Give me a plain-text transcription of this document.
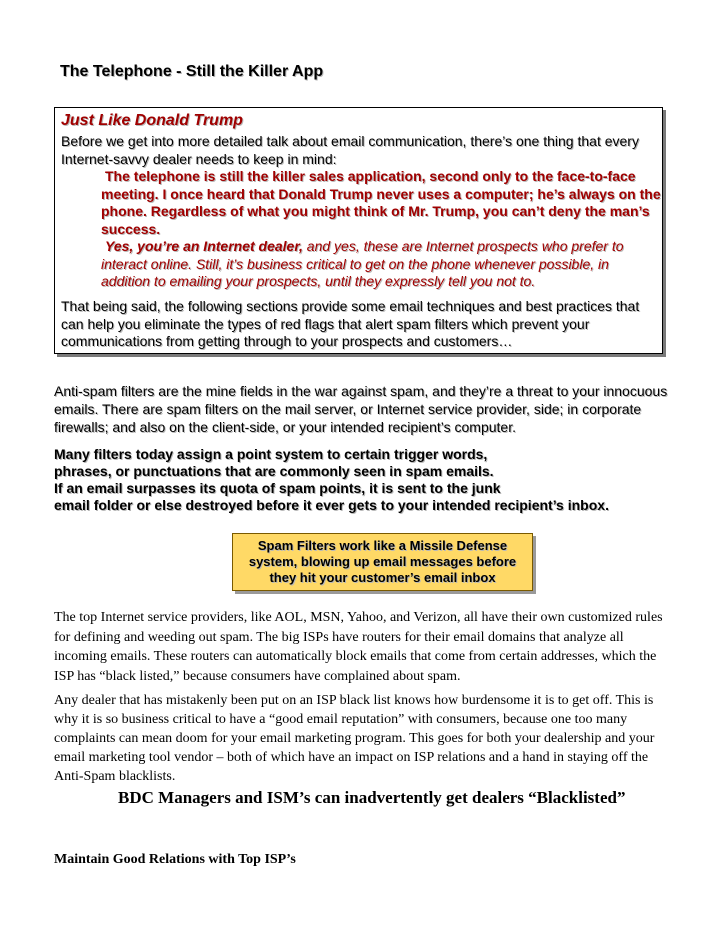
The Telephone - Still the Killer App
Just Like Donald Trump
Before we get into more detailed talk about email communication, there’s one thing that every Internet-savvy dealer needs to keep in mind:
The telephone is still the killer sales application, second only to the face-to-face meeting. I once heard that Donald Trump never uses a computer; he’s always on the phone. Regardless of what you might think of Mr. Trump, you can’t deny the man’s success.
Yes, you’re an Internet dealer, and yes, these are Internet prospects who prefer to interact online. Still, it’s business critical to get on the phone whenever possible, in addition to emailing your prospects, until they expressly tell you not to.
That being said, the following sections provide some email techniques and best practices that can help you eliminate the types of red flags that alert spam filters which prevent your communications from getting through to your prospects and customers…
Anti-spam filters are the mine fields in the war against spam, and they’re a threat to your innocuous emails. There are spam filters on the mail server, or Internet service provider, side; in corporate firewalls; and also on the client-side, or your intended recipient’s computer.
Many filters today assign a point system to certain trigger words,
phrases, or punctuations that are commonly seen in spam emails.
If an email surpasses its quota of spam points, it is sent to the junk
email folder or else destroyed before it ever gets to your intended recipient’s inbox.
Spam Filters work like a Missile Defense
system, blowing up email messages before
they hit your customer’s email inbox
The top Internet service providers, like AOL, MSN, Yahoo, and Verizon, all have their own customized rules for defining and weeding out spam. The big ISPs have routers for their email domains that analyze all incoming emails. These routers can automatically block emails that come from certain addresses, which the ISP has “black listed,” because consumers have complained about spam.
Any dealer that has mistakenly been put on an ISP black list knows how burdensome it is to get off. This is why it is so business critical to have a “good email reputation” with consumers, because one too many complaints can mean doom for your email marketing program. This goes for both your dealership and your email marketing tool vendor – both of which have an impact on ISP relations and a hand in staying off the Anti-Spam blacklists.
BDC Managers and ISM’s can inadvertently get dealers “Blacklisted”
Maintain Good Relations with Top ISP’s
